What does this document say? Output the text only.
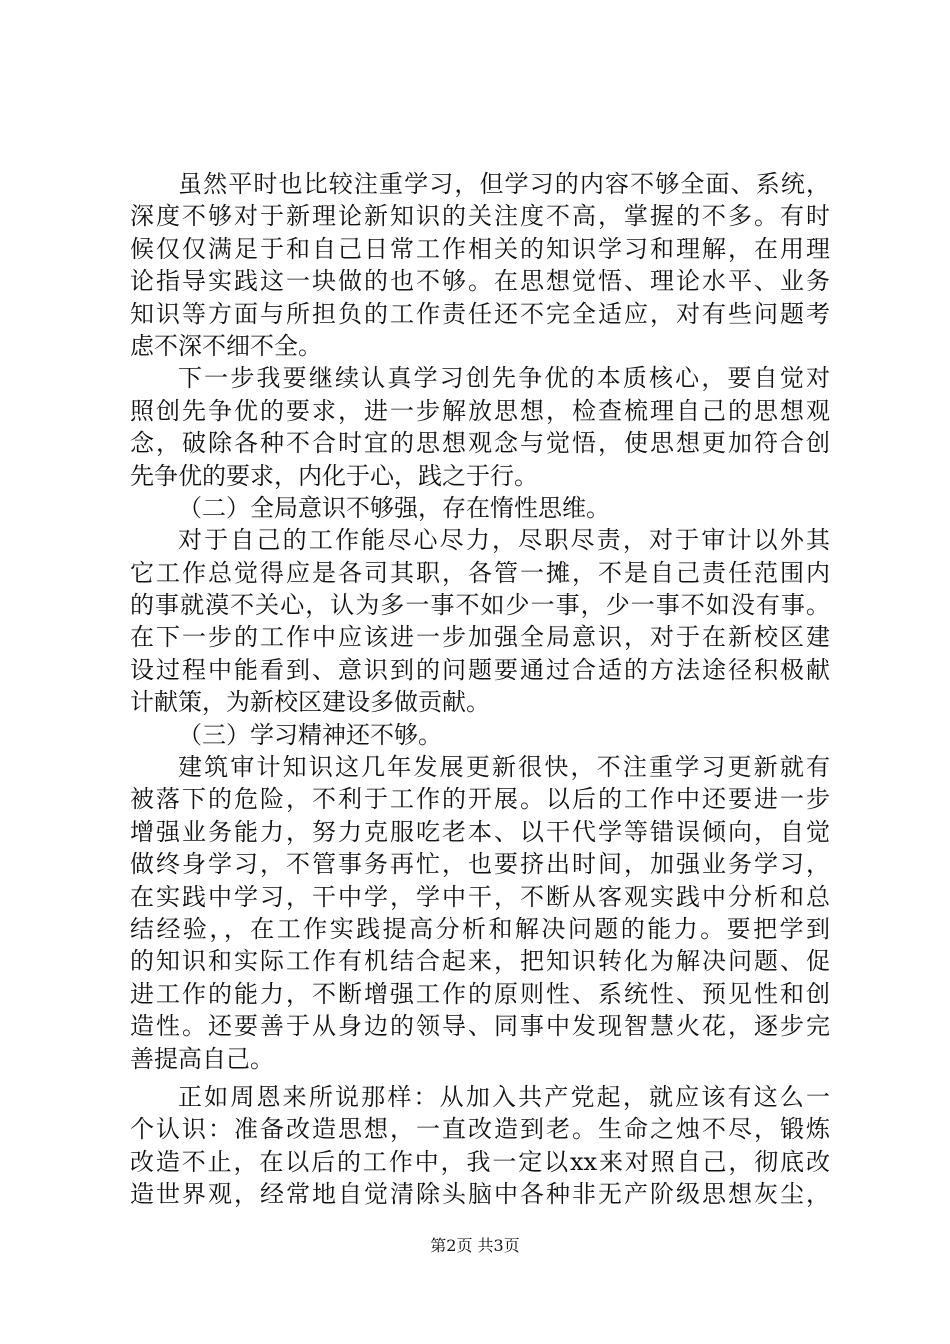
虽然平时也比较注重学习，但学习的内容不够全面、系统，
深度不够对于新理论新知识的关注度不高，掌握的不多。有时
候仅仅满足于和自己日常工作相关的知识学习和理解，在用理
论指导实践这一块做的也不够。在思想觉悟、理论水平、业务
知识等方面与所担负的工作责任还不完全适应，对有些问题考
虑不深不细不全。
下一步我要继续认真学习创先争优的本质核心，要自觉对
照创先争优的要求，进一步解放思想，检查梳理自己的思想观
念，破除各种不合时宜的思想观念与觉悟，使思想更加符合创
先争优的要求，内化于心，践之于行。
（二）全局意识不够强，存在惰性思维。
对于自己的工作能尽心尽力，尽职尽责，对于审计以外其
它工作总觉得应是各司其职，各管一摊，不是自己责任范围内
的事就漠不关心，认为多一事不如少一事，少一事不如没有事。
在下一步的工作中应该进一步加强全局意识，对于在新校区建
设过程中能看到、意识到的问题要通过合适的方法途径积极献
计献策，为新校区建设多做贡献。
（三）学习精神还不够。
建筑审计知识这几年发展更新很快，不注重学习更新就有
被落下的危险，不利于工作的开展。以后的工作中还要进一步
增强业务能力，努力克服吃老本、以干代学等错误倾向，自觉
做终身学习，不管事务再忙，也要挤出时间，加强业务学习，
在实践中学习，干中学，学中干，不断从客观实践中分析和总
结经验，，在工作实践提高分析和解决问题的能力。要把学到
的知识和实际工作有机结合起来，把知识转化为解决问题、促
进工作的能力，不断增强工作的原则性、系统性、预见性和创
造性。还要善于从身边的领导、同事中发现智慧火花，逐步完
善提高自己。
正如周恩来所说那样：从加入共产党起，就应该有这么一
个认识：准备改造思想，一直改造到老。生命之烛不尽，锻炼
改造不止，在以后的工作中，我一定以xx来对照自己，彻底改
造世界观，经常地自觉清除头脑中各种非无产阶级思想灰尘，
第2页 共3页
